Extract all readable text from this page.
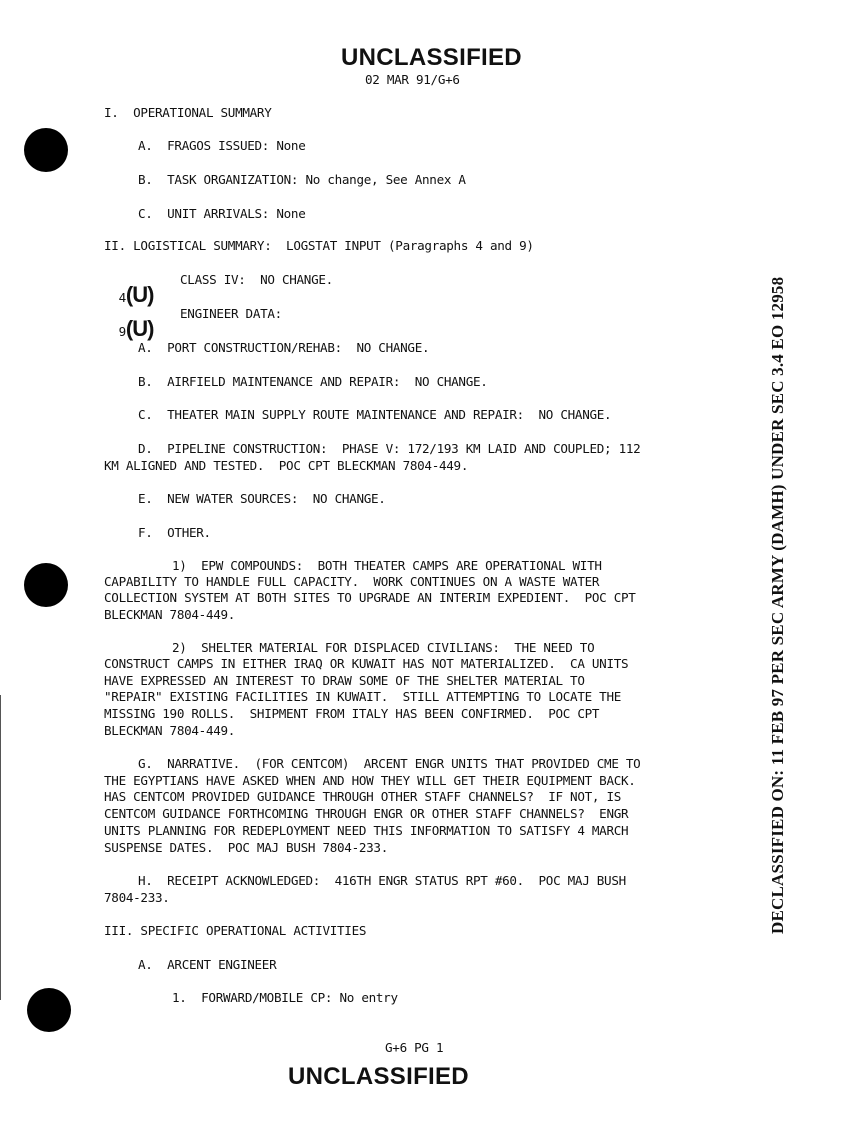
UNCLASSIFIED
02 MAR 91/G+6
I.  OPERATIONAL SUMMARY
A.  FRAGOS ISSUED: None
B.  TASK ORGANIZATION: No change, See Annex A
C.  UNIT ARRIVALS: None
II. LOGISTICAL SUMMARY:  LOGSTAT INPUT (Paragraphs 4 and 9)

4(U)

CLASS IV:  NO CHANGE.

9(U)

ENGINEER DATA:
A.  PORT CONSTRUCTION/REHAB:  NO CHANGE.
B.  AIRFIELD MAINTENANCE AND REPAIR:  NO CHANGE.
C.  THEATER MAIN SUPPLY ROUTE MAINTENANCE AND REPAIR:  NO CHANGE.
D.  PIPELINE CONSTRUCTION:  PHASE V: 172/193 KM LAID AND COUPLED; 112
KM ALIGNED AND TESTED.  POC CPT BLECKMAN 7804-449.
E.  NEW WATER SOURCES:  NO CHANGE.
F.  OTHER.
1)  EPW COMPOUNDS:  BOTH THEATER CAMPS ARE OPERATIONAL WITH
CAPABILITY TO HANDLE FULL CAPACITY.  WORK CONTINUES ON A WASTE WATER
COLLECTION SYSTEM AT BOTH SITES TO UPGRADE AN INTERIM EXPEDIENT.  POC CPT
BLECKMAN 7804-449.
2)  SHELTER MATERIAL FOR DISPLACED CIVILIANS:  THE NEED TO
CONSTRUCT CAMPS IN EITHER IRAQ OR KUWAIT HAS NOT MATERIALIZED.  CA UNITS
HAVE EXPRESSED AN INTEREST TO DRAW SOME OF THE SHELTER MATERIAL TO
"REPAIR" EXISTING FACILITIES IN KUWAIT.  STILL ATTEMPTING TO LOCATE THE
MISSING 190 ROLLS.  SHIPMENT FROM ITALY HAS BEEN CONFIRMED.  POC CPT
BLECKMAN 7804-449.
G.  NARRATIVE.  (FOR CENTCOM)  ARCENT ENGR UNITS THAT PROVIDED CME TO
THE EGYPTIANS HAVE ASKED WHEN AND HOW THEY WILL GET THEIR EQUIPMENT BACK.
HAS CENTCOM PROVIDED GUIDANCE THROUGH OTHER STAFF CHANNELS?  IF NOT, IS
CENTCOM GUIDANCE FORTHCOMING THROUGH ENGR OR OTHER STAFF CHANNELS?  ENGR
UNITS PLANNING FOR REDEPLOYMENT NEED THIS INFORMATION TO SATISFY 4 MARCH
SUSPENSE DATES.  POC MAJ BUSH 7804-233.
H.  RECEIPT ACKNOWLEDGED:  416TH ENGR STATUS RPT #60.  POC MAJ BUSH
7804-233.
III. SPECIFIC OPERATIONAL ACTIVITIES
A.  ARCENT ENGINEER
1.  FORWARD/MOBILE CP: No entry
G+6 PG 1
UNCLASSIFIED
DECLASSIFIED ON: 11 FEB 97 PER SEC ARMY (DAMH) UNDER SEC 3.4 EO 12958
